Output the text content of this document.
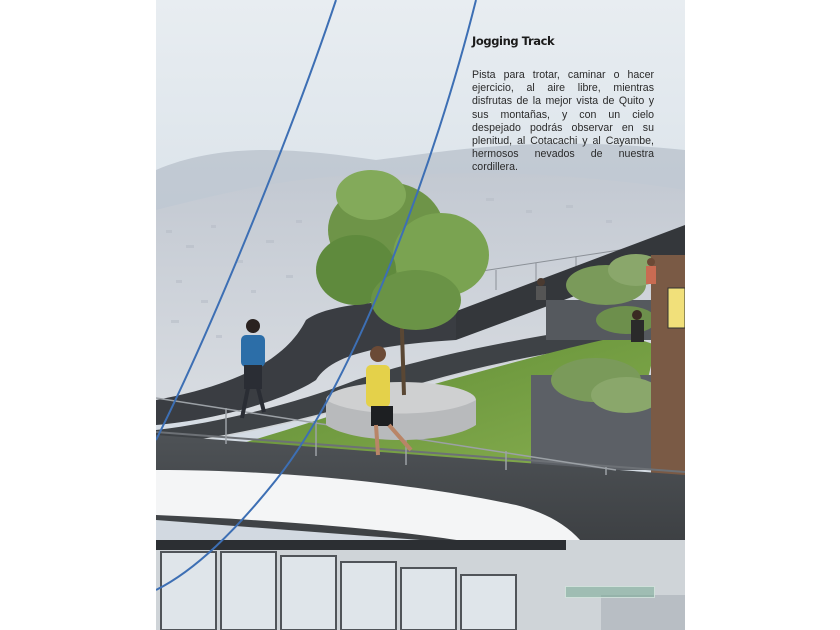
Jogging Track

Pista para trotar, caminar o hacer ejercicio, al aire libre, mientras disfrutas de la mejor vista de Quito y sus montañas, y con un cielo despejado podrás observar en su plenitud, al Cotacachi y al Cayambe, hermosos nevados de nuestra cordillera.
